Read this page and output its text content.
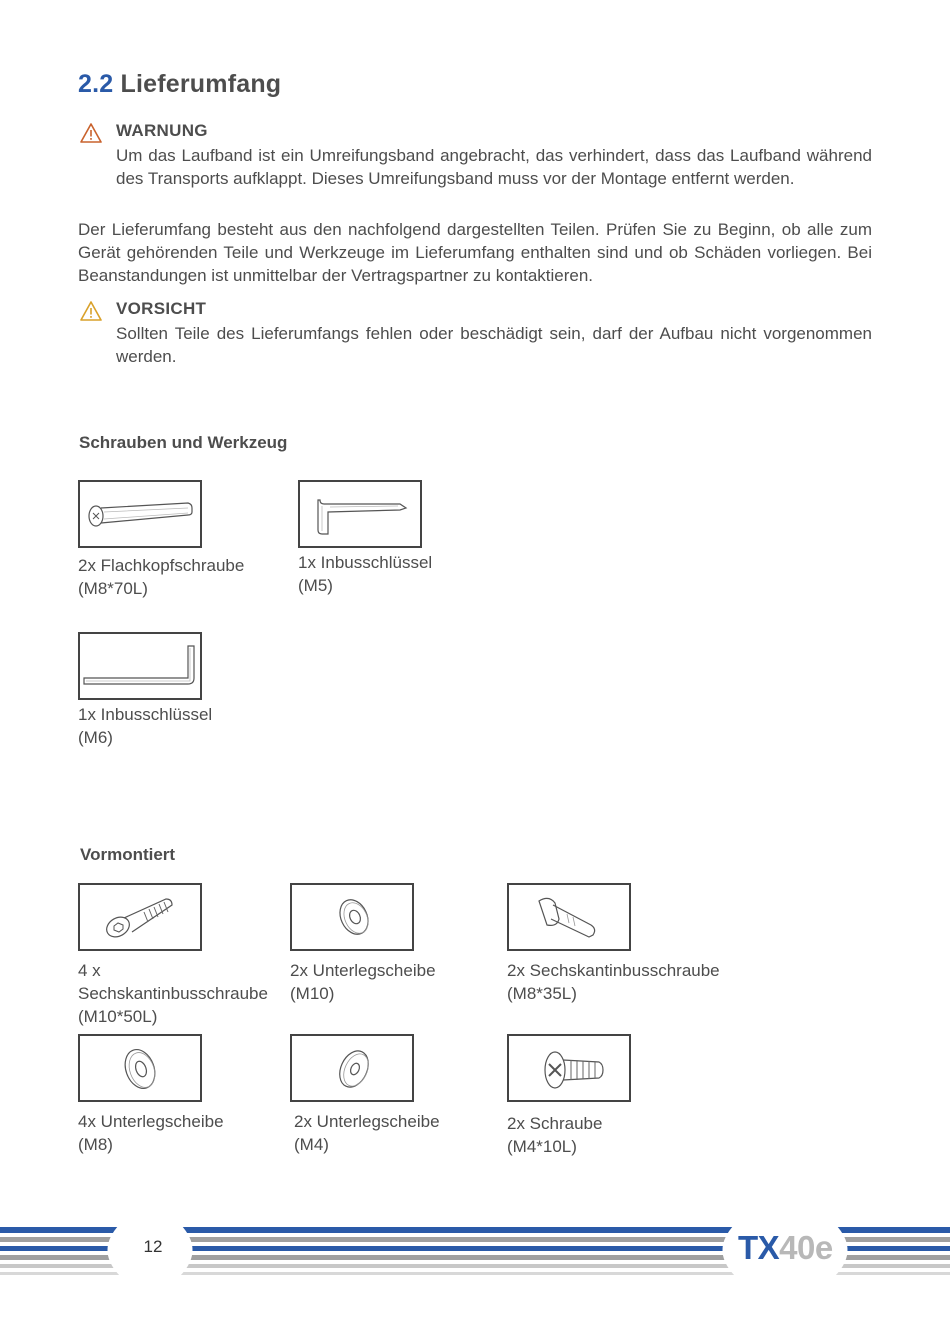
2.2 Lieferumfang
WARNUNG
Um das Laufband ist ein Umreifungsband angebracht, das verhindert, dass das Laufband während des Transports aufklappt. Dieses Umreifungsband muss vor der Montage entfernt werden.
Der Lieferumfang besteht aus den nachfolgend dargestellten Teilen. Prüfen Sie zu Beginn, ob alle zum Gerät gehörenden Teile und Werkzeuge im Lieferumfang enthalten sind und ob Schäden vorliegen. Bei Beanstandungen ist unmittelbar der Vertragspartner zu kontaktieren.
VORSICHT
Sollten Teile des Lieferumfangs fehlen oder beschädigt sein, darf der Aufbau nicht vorgenommen werden.
Schrauben und Werkzeug
2x Flachkopfschraube
(M8*70L)
1x Inbusschlüssel
(M5)
1x Inbusschlüssel
(M6)
Vormontiert
4 x
Sechskantinbusschraube
(M10*50L)
2x Unterlegscheibe
(M10)
2x Sechskantinbusschraube
(M8*35L)
4x Unterlegscheibe
(M8)
2x Unterlegscheibe
(M4)
2x Schraube
(M4*10L)
12	TX40e
